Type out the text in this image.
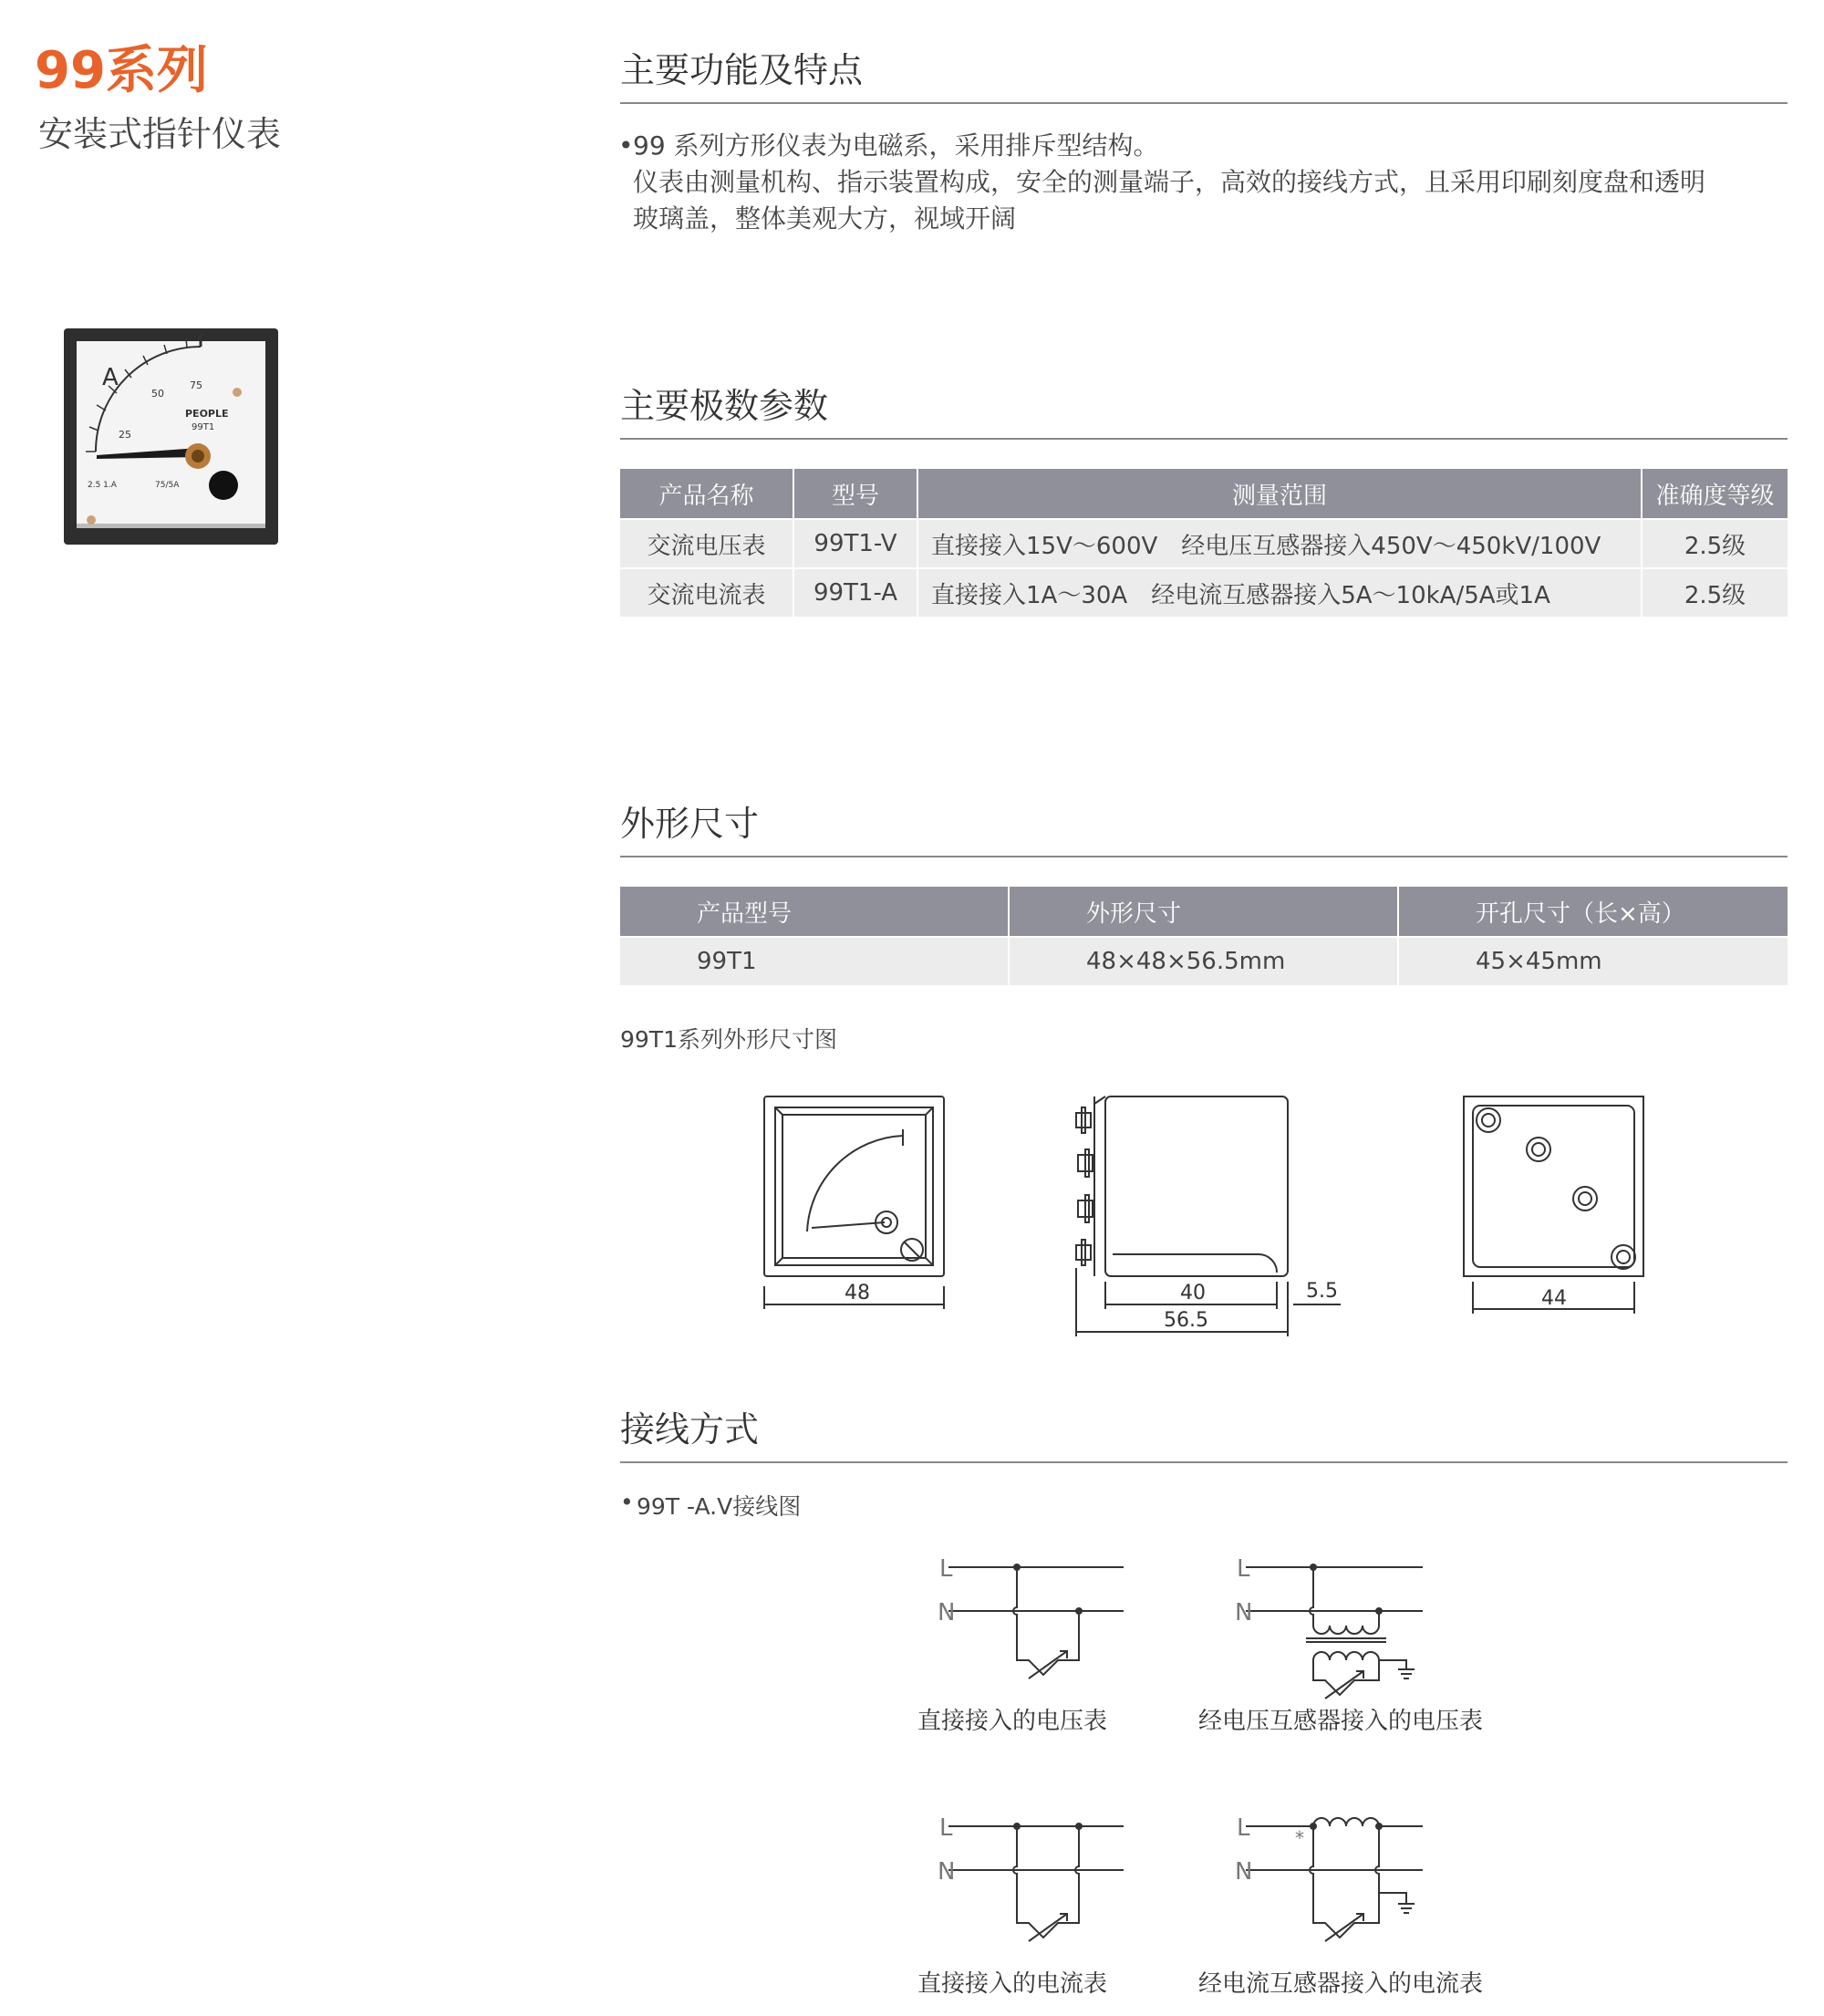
99系列
安装式指针仪表
A
25
50
75
PEOPLE
99T1
2.5 1.A	75/5A
主要功能及特点
• 99 系列方形仪表为电磁系，采用排斥型结构。
仪表由测量机构、指示装置构成，安全的测量端子，高效的接线方式，且采用印刷刻度盘和透明
玻璃盖，整体美观大方，视域开阔
主要极数参数
产品名称	型号	测量范围	准确度等级
交流电压表	99T1-V	直接接入15V～600V　经电压互感器接入450V～450kV/100V	2.5级
交流电流表	99T1-A	直接接入1A～30A　经电流互感器接入5A～10kA/5A或1A	2.5级
外形尺寸
产品型号	外形尺寸	开孔尺寸（长×高）
99T1	48×48×56.5mm	45×45mm
99T1系列外形尺寸图
48	40
56.5
5.5	44
接线方式
• 99T -A.V接线图
L
N
L
N
L
N
L
N
*
直接接入的电压表	经电压互感器接入的电压表
直接接入的电流表	经电流互感器接入的电流表
